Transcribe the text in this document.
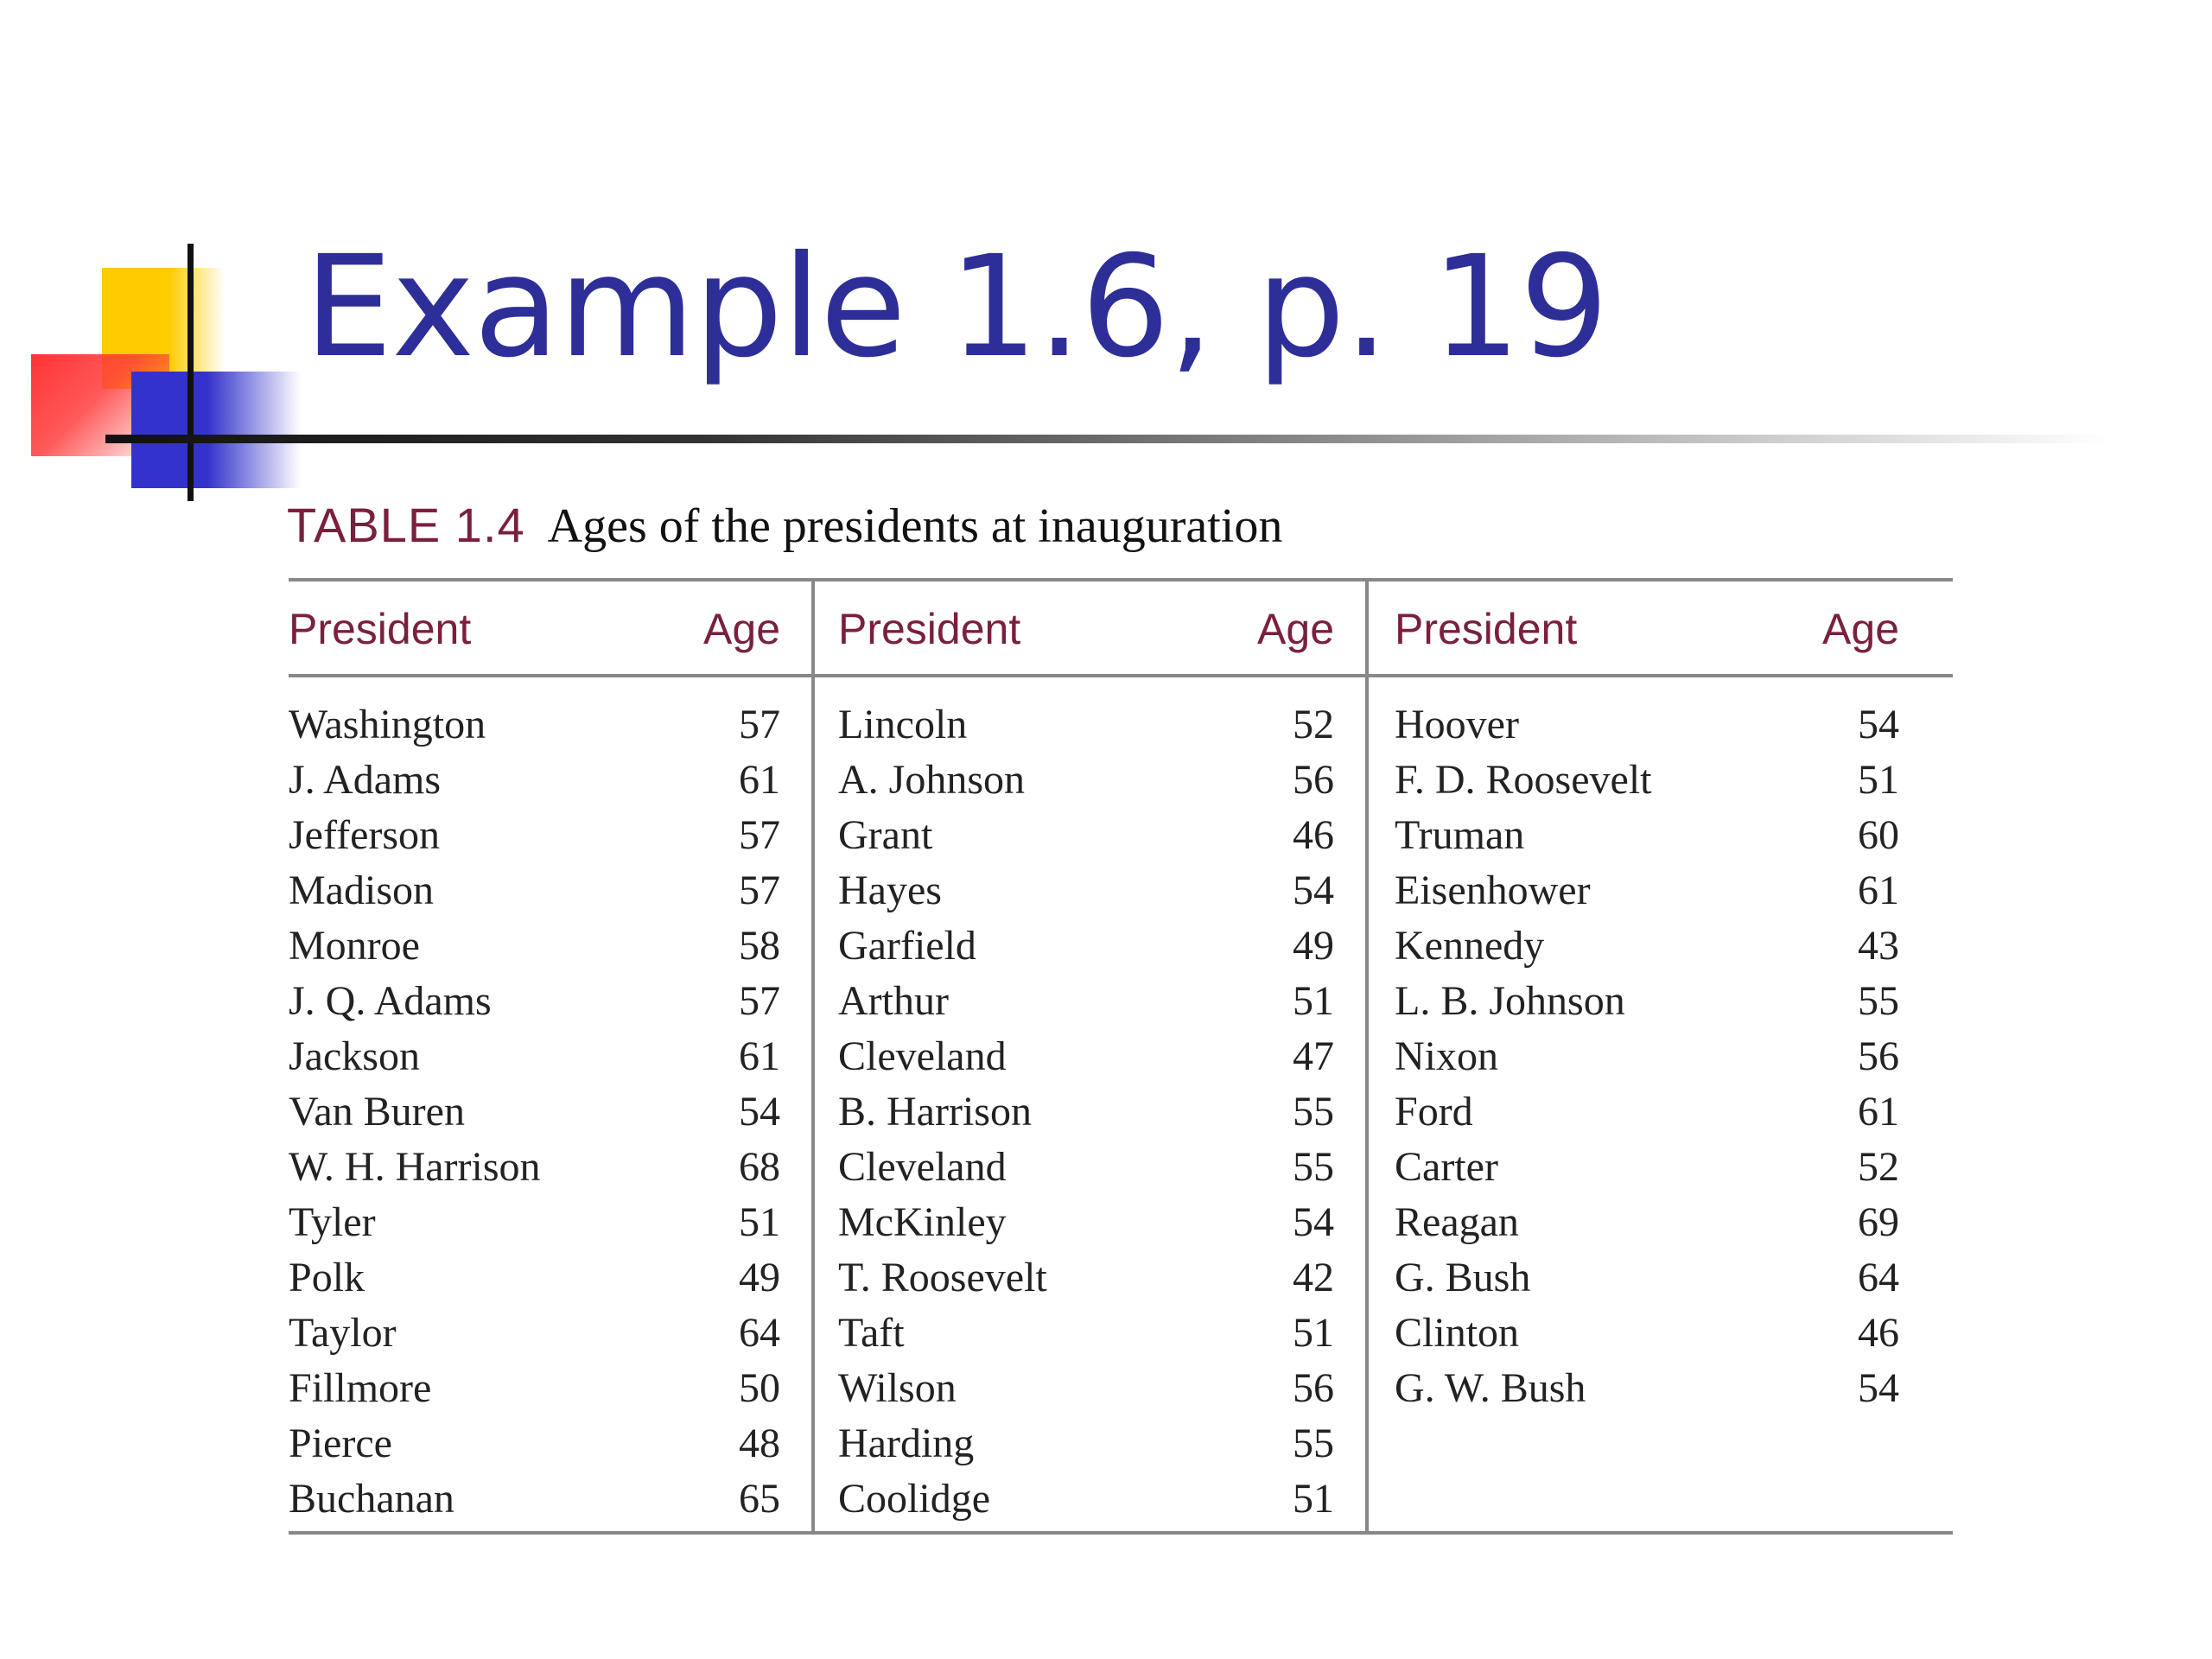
Example 1.6, p. 19
TABLE 1.4 Ages of the presidents at inauguration
President	Age
Washington	57
J. Adams	61
Jefferson	57
Madison	57
Monroe	58
J. Q. Adams	57
Jackson	61
Van Buren	54
W. H. Harrison	68
Tyler	51
Polk	49
Taylor	64
Fillmore	50
Pierce	48
Buchanan	65
President	Age
Lincoln	52
A. Johnson	56
Grant	46
Hayes	54
Garfield	49
Arthur	51
Cleveland	47
B. Harrison	55
Cleveland	55
McKinley	54
T. Roosevelt	42
Taft	51
Wilson	56
Harding	55
Coolidge	51
President	Age
Hoover	54
F. D. Roosevelt	51
Truman	60
Eisenhower	61
Kennedy	43
L. B. Johnson	55
Nixon	56
Ford	61
Carter	52
Reagan	69
G. Bush	64
Clinton	46
G. W. Bush	54
